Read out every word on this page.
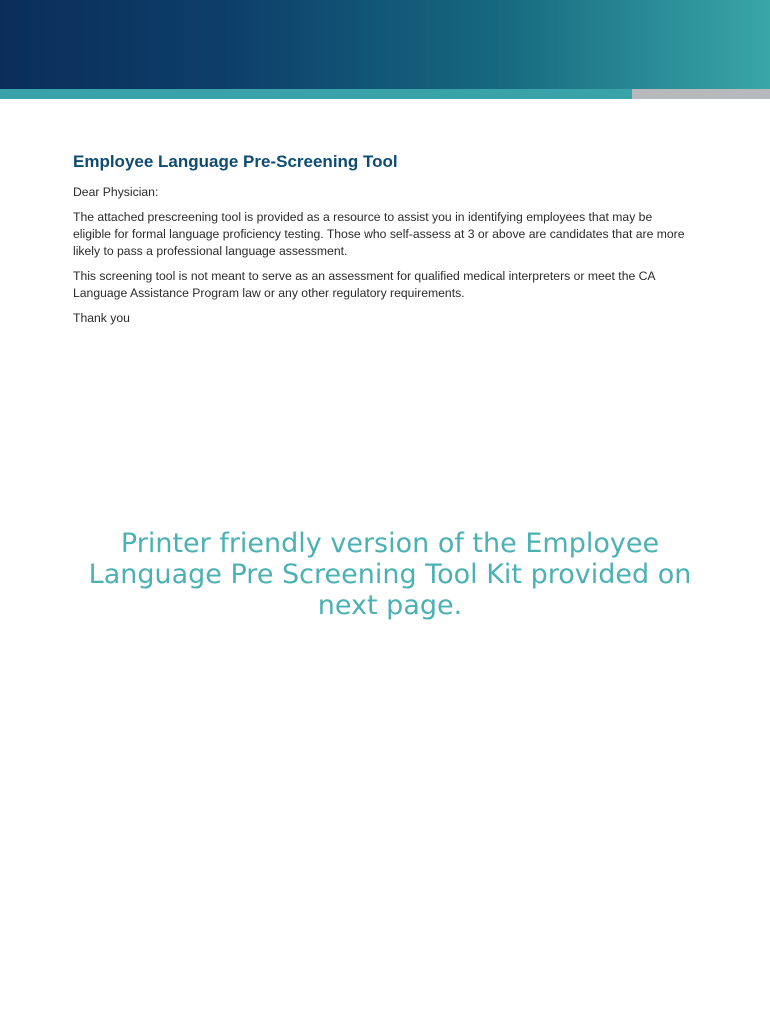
Employee Language Pre-Screening Tool

Dear Physician:

The attached prescreening tool is provided as a resource to assist you in identifying employees that may be eligible for formal language proficiency testing. Those who self-assess at 3 or above are candidates that are more likely to pass a professional language assessment.

This screening tool is not meant to serve as an assessment for qualified medical interpreters or meet the CA Language Assistance Program law or any other regulatory requirements.

Thank you

Printer friendly version of the Employee Language Pre Screening Tool Kit provided on next page.
